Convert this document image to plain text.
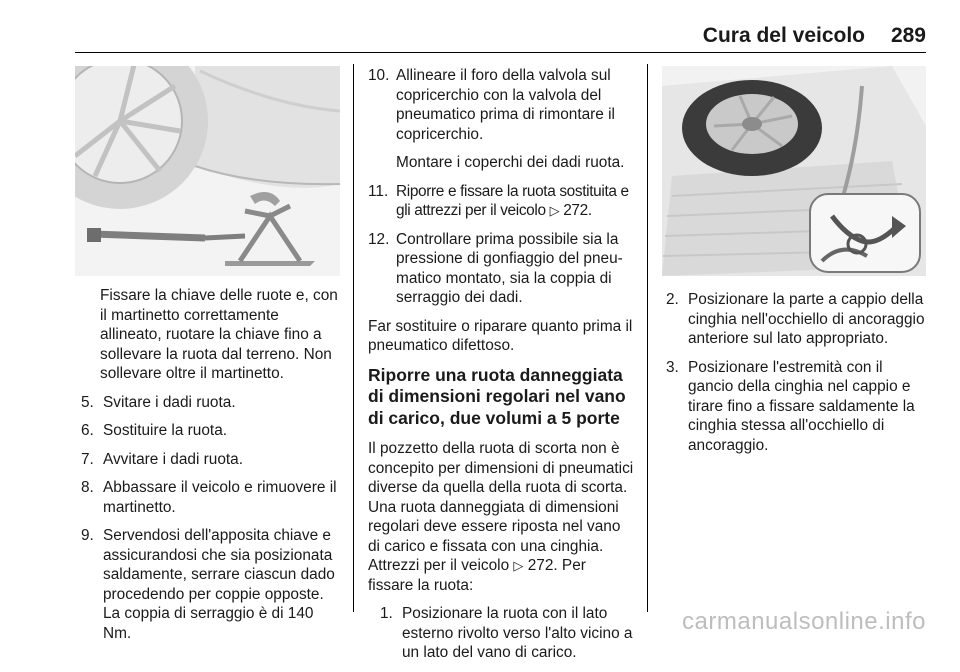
Cura del veicolo 289

Fissare la chiave delle ruote e, con il martinetto correttamente allineato, ruotare la chiave fino a sollevare la ruota dal terreno. Non sollevare oltre il martinetto.

5. Svitare i dadi ruota.
6. Sostituire la ruota.
7. Avvitare i dadi ruota.
8. Abbassare il veicolo e rimuovere il martinetto.
9. Servendosi dell'apposita chiave e assicurandosi che sia posizionata saldamente, serrare ciascun dado procedendo per coppie opposte. La coppia di serraggio è di 140 Nm.
10. Allineare il foro della valvola sul copricerchio con la valvola del pneumatico prima di rimontare il copricerchio.

Montare i coperchi dei dadi ruota.

11. Riporre e fissare la ruota sostituita e gli attrezzi per il veicolo ▷ 272.
12. Controllare prima possibile sia la pressione di gonfiaggio del pneumatico montato, sia la coppia di serraggio dei dadi.

Far sostituire o riparare quanto prima il pneumatico difettoso.

Riporre una ruota danneggiata di dimensioni regolari nel vano di carico, due volumi a 5 porte

Il pozzetto della ruota di scorta non è concepito per dimensioni di pneumatici diverse da quella della ruota di scorta. Una ruota danneggiata di dimensioni regolari deve essere riposta nel vano di carico e fissata con una cinghia. Attrezzi per il veicolo ▷ 272. Per fissare la ruota:

1. Posizionare la ruota con il lato esterno rivolto verso l'alto vicino a un lato del vano di carico.
2. Posizionare la parte a cappio della cinghia nell'occhiello di ancoraggio anteriore sul lato appropriato.
3. Posizionare l'estremità con il gancio della cinghia nel cappio e tirare fino a fissare saldamente la cinghia stessa all'occhiello di ancoraggio.
carmanualsonline.info
